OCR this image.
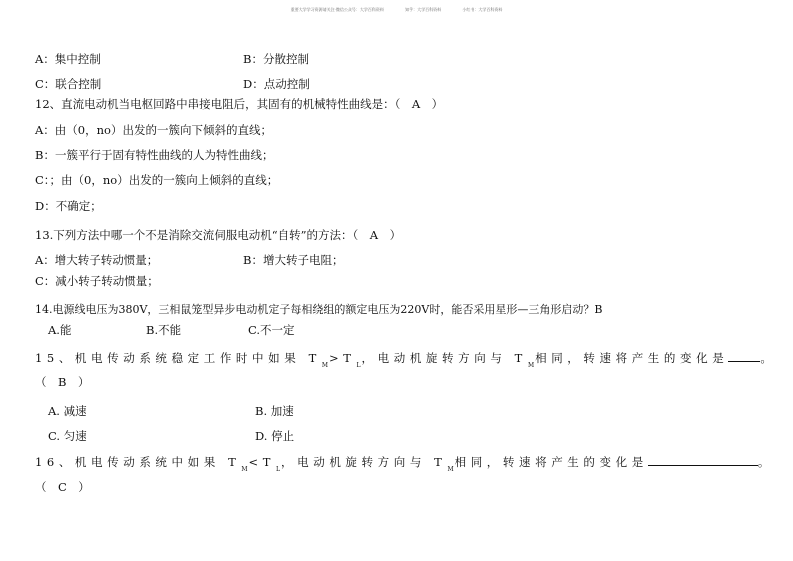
重要大学学习资源请关注·微信公众号：大学百科资料	知乎：大学百科资料	小红书：大学百科资料
A：集中控制	B：分散控制
C：联合控制	D：点动控制
12、直流电动机当电枢回路中串接电阻后，其固有的机械特性曲线是：（　A　）
A：由（0，no）出发的一簇向下倾斜的直线；
B：一簇平行于固有特性曲线的人为特性曲线；
C：；由（0，no）出发的一簇向上倾斜的直线；
D：不确定；
13.下列方法中哪一个不是消除交流伺服电动机“自转”的方法：（　A　）
A：增大转子转动惯量；	B：增大转子电阻；
C：减小转子转动惯量；
14.电源线电压为380V，三相鼠笼型异步电动机定子每相绕组的额定电压为220V时，能否采用星形—三角形启动？B
A.能	B.不能	C.不一定
15、机电传动系统稳定工作时中如果 $T_M>T_L$，电动机旋转方向与 $T_M$相同，转速将产生的变化是	。
（　B　）
A. 减速	B. 加速
C. 匀速	D. 停止
16、机电传动系统中如果 $T_M<T_L$，电动机旋转方向与 $T_M$相同，转速将产生的变化是	。
（　C　）
